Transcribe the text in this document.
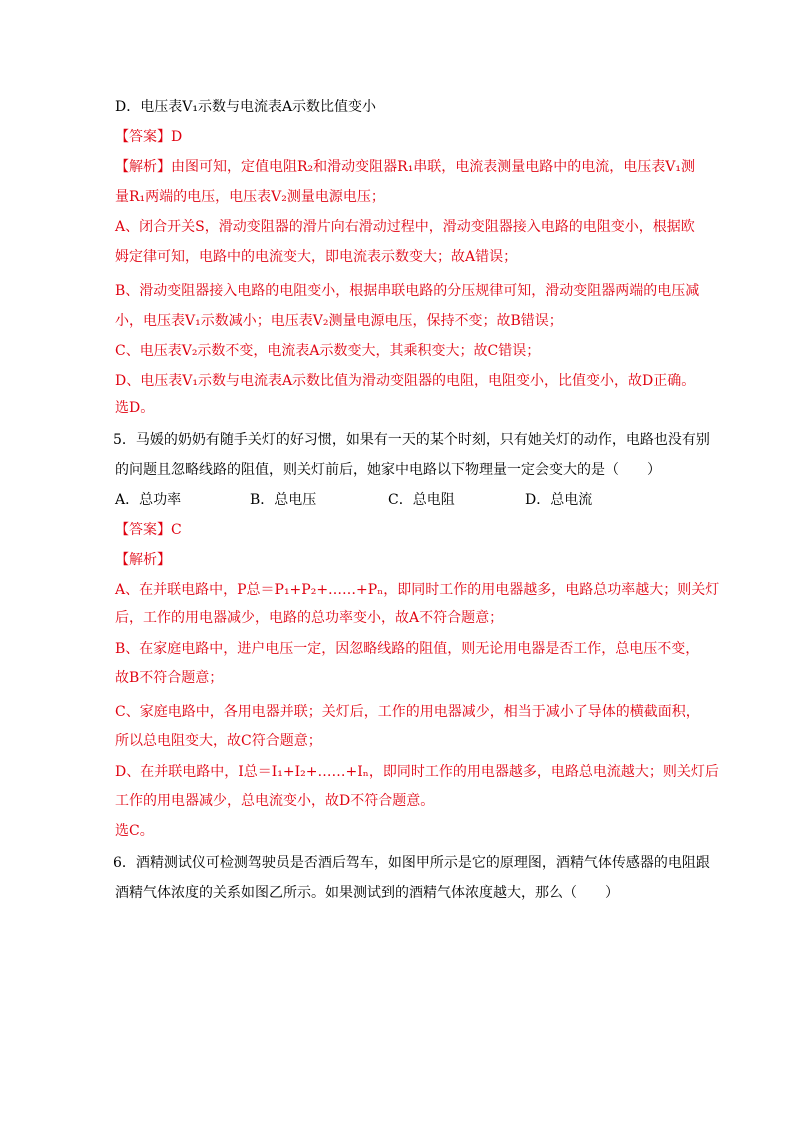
D．电压表V₁示数与电流表A示数比值变小
【答案】D
【解析】由图可知，定值电阻R₂和滑动变阻器R₁串联，电流表测量电路中的电流，电压表V₁测
量R₁两端的电压，电压表V₂测量电源电压；
A、闭合开关S，滑动变阻器的滑片向右滑动过程中，滑动变阻器接入电路的电阻变小，根据欧
姆定律可知，电路中的电流变大，即电流表示数变大；故A错误；
B、滑动变阻器接入电路的电阻变小，根据串联电路的分压规律可知，滑动变阻器两端的电压减
小，电压表V₁示数减小；电压表V₂测量电源电压，保持不变；故B错误；
C、电压表V₂示数不变，电流表A示数变大，其乘积变大；故C错误；
D、电压表V₁示数与电流表A示数比值为滑动变阻器的电阻，电阻变小，比值变小，故D正确。
选D。
5．马媛的奶奶有随手关灯的好习惯，如果有一天的某个时刻，只有她关灯的动作，电路也没有别
的问题且忽略线路的阻值，则关灯前后，她家中电路以下物理量一定会变大的是（　　）
A．总功率	B．总电压	C．总电阻	D．总电流
【答案】C
【解析】
A、在并联电路中，P总＝P₁+P₂+……+Pₙ，即同时工作的用电器越多，电路总功率越大；则关灯
后，工作的用电器减少，电路的总功率变小，故A不符合题意；
B、在家庭电路中，进户电压一定，因忽略线路的阻值，则无论用电器是否工作，总电压不变，
故B不符合题意；
C、家庭电路中，各用电器并联；关灯后，工作的用电器减少，相当于减小了导体的横截面积，
所以总电阻变大，故C符合题意；
D、在并联电路中，I总＝I₁+I₂+……+Iₙ，即同时工作的用电器越多，电路总电流越大；则关灯后
工作的用电器减少，总电流变小，故D不符合题意。
选C。
6．酒精测试仪可检测驾驶员是否酒后驾车，如图甲所示是它的原理图，酒精气体传感器的电阻跟
酒精气体浓度的关系如图乙所示。如果测试到的酒精气体浓度越大，那么（　　）
